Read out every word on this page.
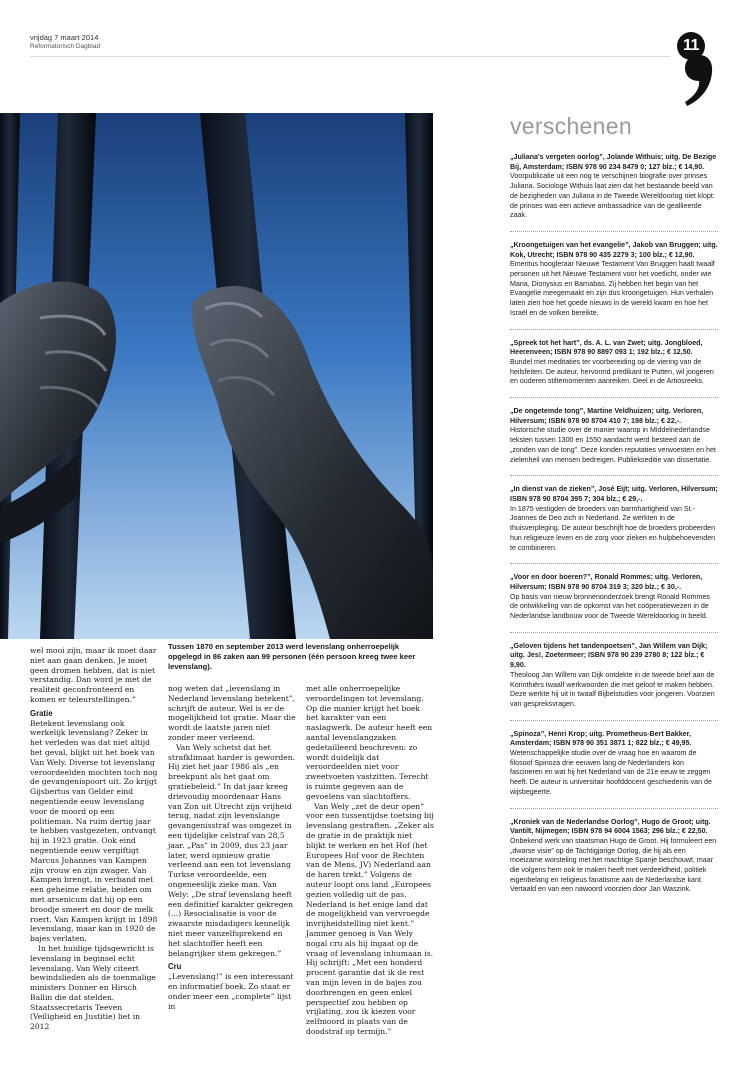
vrijdag 7 maart 2014
Reformatorisch Dagblad	11
verschenen

„Juliana's vergeten oorlog”, Jolande Withuis; uitg. De Bezige Bij, Amsterdam; ISBN 978 90 234 8479 0; 127 blz.; € 14,90.

Voorpublicatie uit een nog te verschijnen biografie over prinses Juliana. Sociologe Withuis laat zien dat het bestaande beeld van de bezigheden van Juliana in de Tweede Wereldoorlog niet klopt: de prinses was een actieve ambassadrice van de geallieerde zaak.

„Kroongetuigen van het evangelie”, Jakob van Bruggen; uitg. Kok, Utrecht; ISBN 978 90 435 2279 3; 100 blz.; € 12,90.

Emeritus hoogleraar Nieuwe Testament Van Bruggen haalt twaalf personen uit het Nieuwe Testament voor het voetlicht, onder wie Maria, Dionysius en Barnabas. Zij hebben het begin van het Evangelie meegemaakt en zijn dus kroongetuigen. Hun verhalen laten zien hoe het goede nieuws in de wereld kwam en hoe het Israël en de volken bereikte.

„Spreek tot het hart”, ds. A. L. van Zwet; uitg. Jongbloed, Heerenveen; ISBN 978 90 8897 093 1; 192 blz.; € 12,50.

Bundel met meditaties ter voorbereiding op de viering van de heilsfeiten. De auteur, hervormd predikant te Putten, wil jongeren en ouderen stiltemomenten aanreiken. Deel in de Artiosreeks.

„De ongetemde tong”, Martine Veldhuizen; uitg. Verloren, Hilversum; ISBN 978 90 8704 410 7; 198 blz.; € 22,-.

Historische studie over de manier waarop in Middelnederlandse teksten tussen 1300 en 1550 aandacht werd besteed aan de „zonden van de tong”. Deze konden reputaties verwoesten en het zielenheil van mensen bedreigen. Publiekseditie van dissertatie.

„In dienst van de zieken”, José Eijt; uitg. Verloren, Hilversum; ISBN 978 90 8704 395 7; 304 blz.; € 29,-.

In 1875 vestigden de broeders van barmhartigheid van St.-Joannes de Deo zich in Nederland. Ze werkten in de thuisverpleging. De auteur beschrijft hoe de broeders probeerden hun religieuze leven en de zorg voor zieken en hulpbehoevenden te combineren.

„Voor en door boeren?”, Ronald Rommes; uitg. Verloren, Hilversum; ISBN 978 90 8704 319 3; 320 blz.; € 30,-.

Op basis van nieuw bronnenonderzoek brengt Ronald Rommes de ontwikkeling van de opkomst van het coöperatiewezen in de Nederlandse landbouw voor de Tweede Wereldoorlog in beeld.

„Geloven tijdens het tandenpoetsen”, Jan Willem van Dijk; uitg. Jes!, Zoetermeer; ISBN 978 90 239 2780 8; 122 blz.; € 9,90.

Theoloog Jan Willem van Dijk ontdekte in de tweede brief aan de Korinthiërs twaalf werkwoorden die met geloof te maken hebben. Deze werkte hij uit in twaalf Bijbelstudies voor jongeren. Voorzien van gespreksvragen.

„Spinoza”, Henri Krop; uitg. Prometheus-Bert Bakker, Amsterdam; ISBN 978 90 351 3871 1; 822 blz.; € 49,95.

Wetenschappelijke studie over de vraag hoe en waarom de filosoof Spinoza drie eeuwen lang de Nederlanders kon fascineren en wat hij het Nederland van de 21e eeuw te zeggen heeft. De auteur is universitair hoofddocent geschiedenis van de wijsbegeerte.

„Kroniek van de Nederlandse Oorlog”, Hugo de Groot; uitg. Vantilt, Nijmegen; ISBN 978 94 6004 1563; 296 blz.; € 22,50.

Onbekend werk van staatsman Hugo de Groot. Hij formuleert een „dwarse visie” op de Tachtigjarige Oorlog, die hij als een moeizame worsteling met het machtige Spanje beschouwt, maar die volgens hem ook te maken heeft met verdeeldheid, politiek eigenbelang en religieus fanatisme aan de Nederlandse kant. Vertaald en van een nawoord voorzien door Jan Waszink.

wel mooi zijn, maar ik moet daar niet aan gaan denken. Je moet geen dromen hebben, dat is niet verstandig. Dan word je met de realiteit geconfronteerd en komen er teleurstellingen.”

Gratie

Betekent levenslang ook werkelijk levenslang? Zeker in het verleden was dat niet altijd het geval, blijkt uit het boek van Van Wely. Diverse tot levenslang veroordeelden mochten toch nog de gevangenispoort uit. Zo krijgt Gijsbertus van Gelder eind negentiende eeuw levenslang voor de moord op een politieman. Na ruim dertig jaar te hebben vastgezeten, ontvangt hij in 1923 gratie. Ook eind negentiende eeuw vergiftigt Marcus Johannes van Kampen zijn vrouw en zijn zwager. Van Kampen brengt, in verband met een geheime relatie, beiden om met arsenicum dat hij op een broodje smeert en door de melk roert. Van Kampen krijgt in 1898 levenslang, maar kan in 1920 de bajes verlaten.

In het huidige tijdsgewricht is levenslang in beginsel echt levenslang. Van Wely citeert bewindslieden als de toenmalige ministers Donner en Hirsch Ballin die dat stelden. Staatssecretaris Teeven (Veiligheid en Justitie) liet in 2012

Tussen 1870 en september 2013 werd levenslang onherroepelijk opgelegd in 86 zaken aan 99 personen (één persoon kreeg twee keer levenslang).

nog weten dat „levenslang in Nederland levenslang betekent”, schrijft de auteur. Wel is er de mogelijkheid tot gratie. Maar die wordt de laatste jaren niet zonder meer verleend.

Van Wely schetst dat het strafklimaat harder is geworden. Hij ziet het jaar 1986 als „en breekpunt als het gaat om gratiebeleid.” In dat jaar kreeg drievoudig moordenaar Hans van Zon uit Utrecht zijn vrijheid terug, nadat zijn levenslange gevangenisstraf was omgezet in een tijdelijke celstraf van 28,5 jaar. „Pas” in 2009, dus 23 jaar later, werd opnieuw gratie verleend aan een tot levenslang Turkse veroordeelde, een ongeneeslijk zieke man. Van Wely: „De straf levenslang heeft een definitief karakter gekregen (...) Resocialisatie is voor de zwaarste misdadigers kennelijk niet meer vanzelfsprekend en het slachtoffer heeft een belangrijker stem gekregen.”

Cru

„Levenslang!” is een interessant en informatief boek. Zo staat er onder meer een „complete” lijst in

met alle onherroepelijke veroordelingen tot levenslang. Op die manier krijgt het boek het karakter van een naslagwerk. De auteur heeft een aantal levenslangzaken gedetailleerd beschreven: zo wordt duidelijk dat veroordeelden niet voor zweetvoeten vastzitten. Terecht is ruimte gegeven aan de gevoelens van slachtoffers.

Van Wely „zet de deur open” voor een tussentijdse toetsing bij levenslang gestraften. „Zeker als de gratie in de praktijk niet blijkt te werken en het Hof (het Europees Hof voor de Rechten van de Mens, JV) Nederland aan de haren trekt.” Volgens de auteur loopt ons land „Europees gezien volledig uit de pas. Nederland is het enige land dat de mogelijkheid van vervroegde invrijheidstelling niet kent.” Jammer genoeg is Van Wely nogal cru als hij ingaat op de vraag of levenslang inhumaan is. Hij schrijft: „Met een honderd procent garantie dat ik de rest van mijn leven in de bajes zou doorbrengen en geen enkel perspectief zou hebben op vrijlating, zou ik kiezen voor zelfmoord in plaats van de doodstraf op termijn.”
